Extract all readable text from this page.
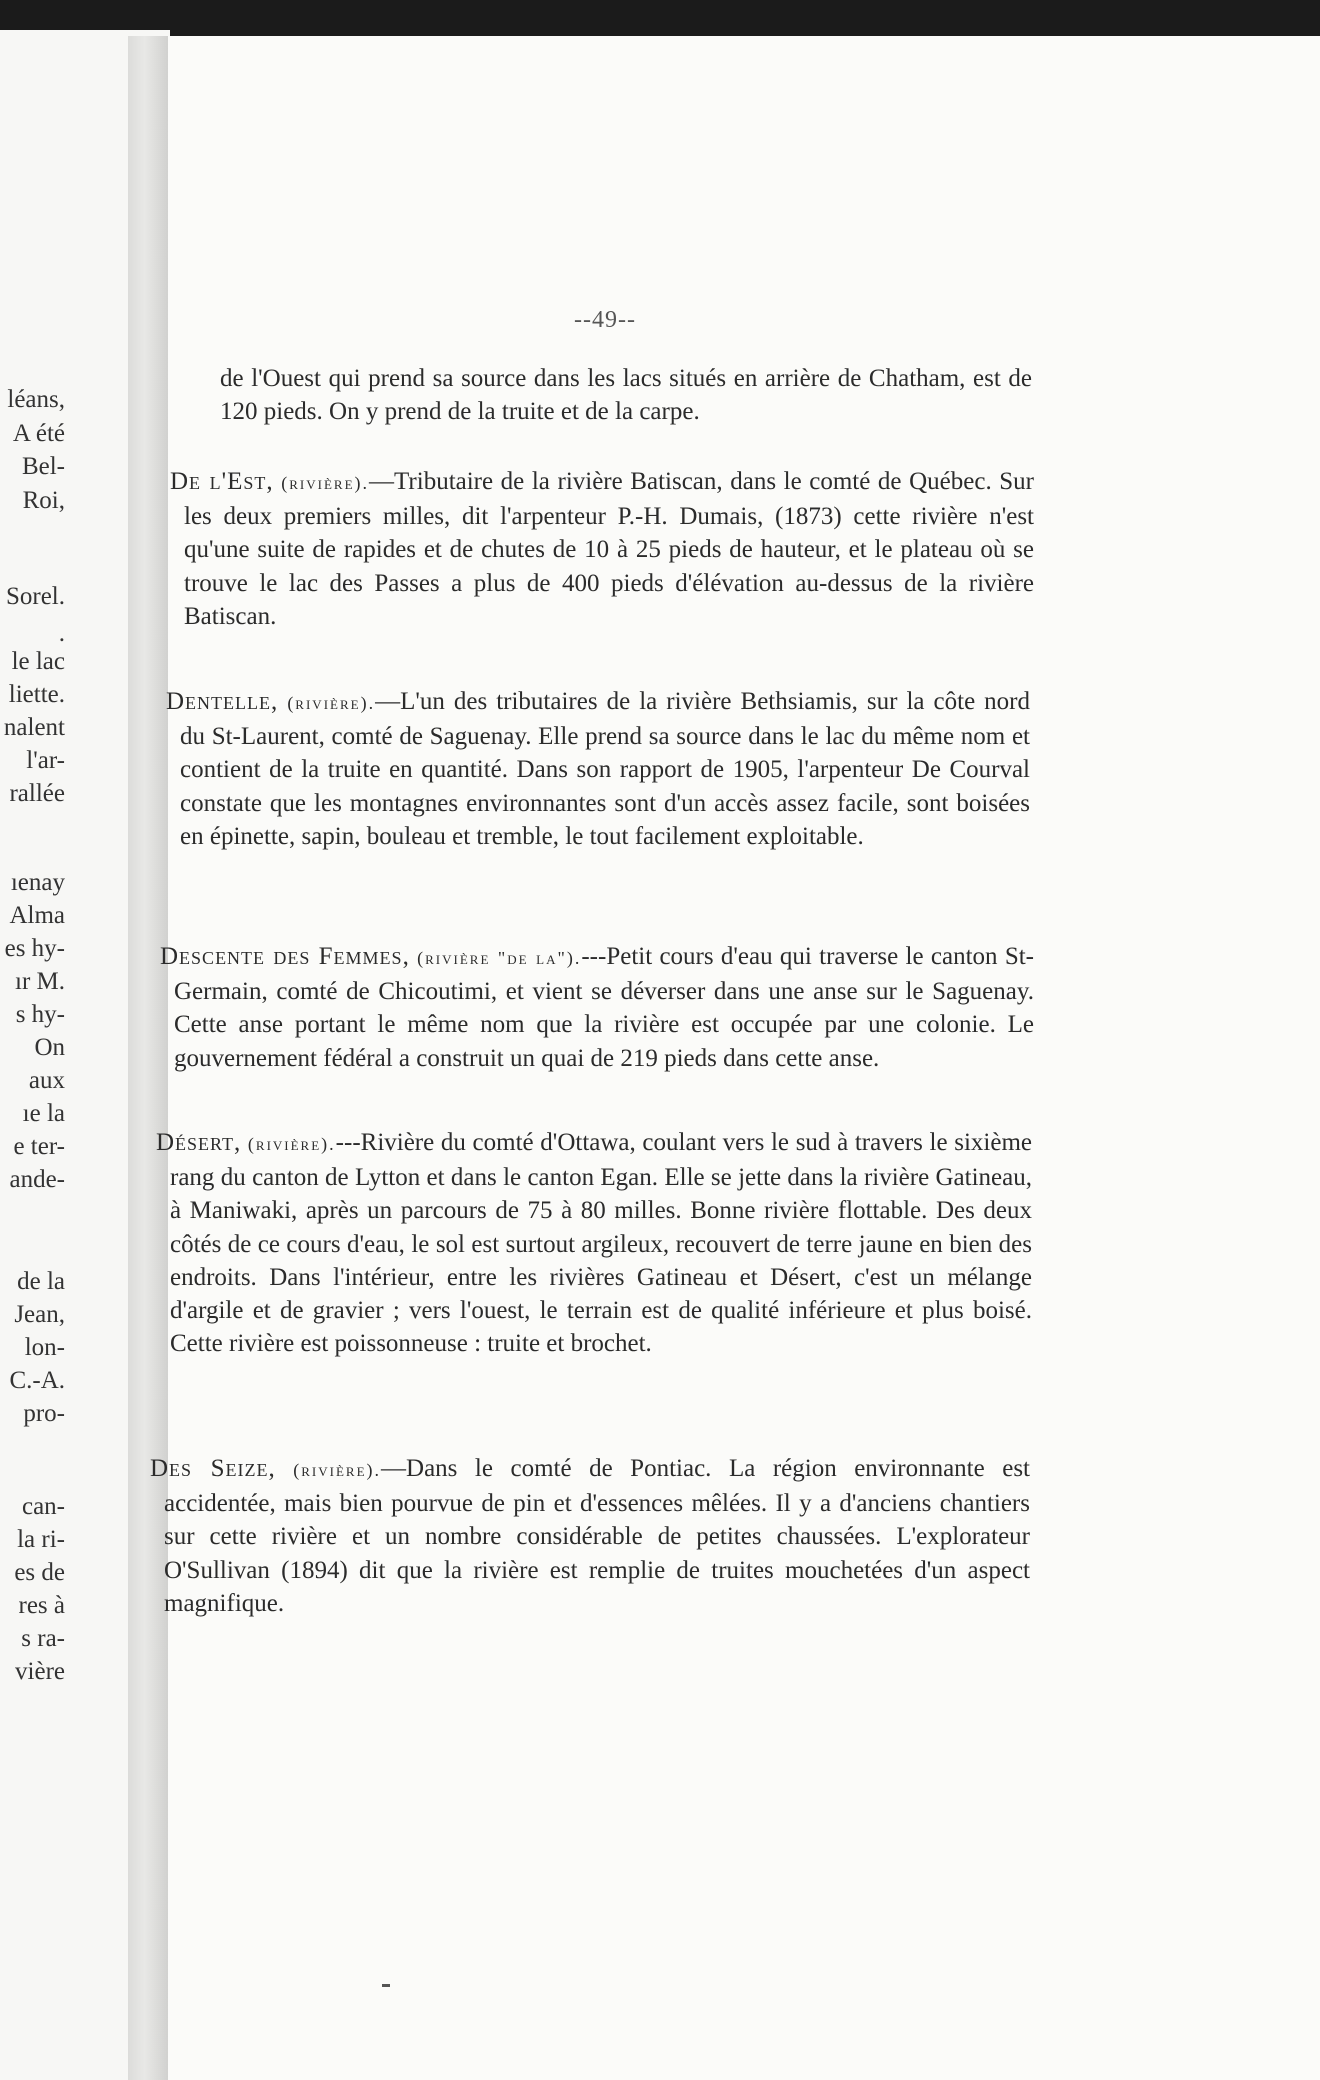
léans,
A été
Bel-
Roi,
Sorel.
.
le lac
liette.
nalent
l'ar-
rallée
ıenay
Alma
es hy-
ır M.
s hy-
On
aux
ıe la
e ter-
ande-
de la
Jean,
lon-
C.-A.
pro-
can-
la ri-
es de
res à
s ra-
vière
--49--

de l'Ouest qui prend sa source dans les lacs situés en arrière de Chatham, est de 120 pieds. On y prend de la truite et de la carpe.

De l'Est, (rivière).—Tributaire de la rivière Batiscan, dans le comté de Québec. Sur les deux premiers milles, dit l'arpenteur P.-H. Dumais, (1873) cette rivière n'est qu'une suite de rapides et de chutes de 10 à 25 pieds de hauteur, et le plateau où se trouve le lac des Passes a plus de 400 pieds d'élévation au-dessus de la rivière Batiscan.

Dentelle, (rivière).—L'un des tributaires de la rivière Bethsiamis, sur la côte nord du St-Laurent, comté de Saguenay. Elle prend sa source dans le lac du même nom et contient de la truite en quantité. Dans son rapport de 1905, l'arpenteur De Courval constate que les montagnes environnantes sont d'un accès assez facile, sont boisées en épinette, sapin, bouleau et tremble, le tout facilement exploitable.

Descente des Femmes, (rivière "de la").---Petit cours d'eau qui traverse le canton St-Germain, comté de Chicoutimi, et vient se déverser dans une anse sur le Saguenay. Cette anse portant le même nom que la rivière est occupée par une colonie. Le gouvernement fédéral a construit un quai de 219 pieds dans cette anse.

Désert, (rivière).---Rivière du comté d'Ottawa, coulant vers le sud à travers le sixième rang du canton de Lytton et dans le canton Egan. Elle se jette dans la rivière Gatineau, à Maniwaki, après un parcours de 75 à 80 milles. Bonne rivière flottable. Des deux côtés de ce cours d'eau, le sol est surtout argileux, recouvert de terre jaune en bien des endroits. Dans l'intérieur, entre les rivières Gatineau et Désert, c'est un mélange d'argile et de gravier ; vers l'ouest, le terrain est de qualité inférieure et plus boisé. Cette rivière est poissonneuse : truite et brochet.

Des Seize, (rivière).—Dans le comté de Pontiac. La région environnante est accidentée, mais bien pourvue de pin et d'essences mêlées. Il y a d'anciens chantiers sur cette rivière et un nombre considérable de petites chaussées. L'explorateur O'Sullivan (1894) dit que la rivière est remplie de truites mouchetées d'un aspect magnifique.
